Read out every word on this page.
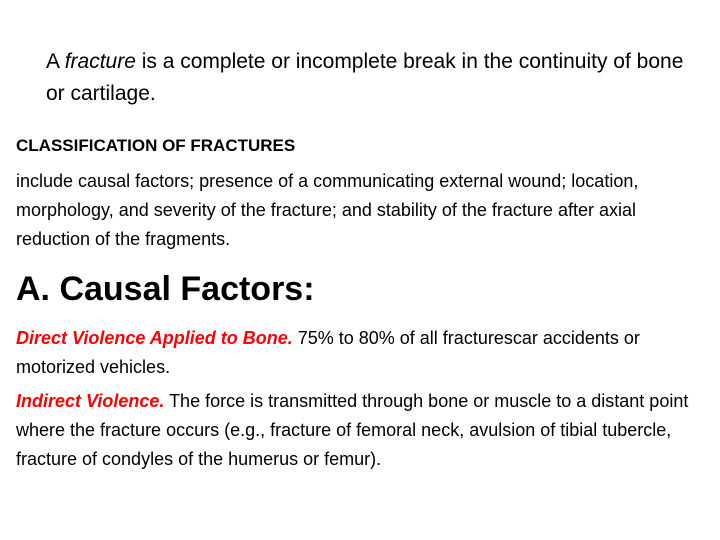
A fracture is a complete or incomplete break in the continuity of bone or cartilage.

CLASSIFICATION OF FRACTURES
include causal factors; presence of a communicating external wound; location, morphology, and severity of the fracture; and stability of the fracture after axial reduction of the fragments.
A. Causal Factors:
Direct Violence Applied to Bone. 75% to 80% of all fracturescar accidents or motorized vehicles.
Indirect Violence. The force is transmitted through bone or muscle to a distant point where the fracture occurs (e.g., fracture of femoral neck, avulsion of tibial tubercle, fracture of condyles of the humerus or femur).
